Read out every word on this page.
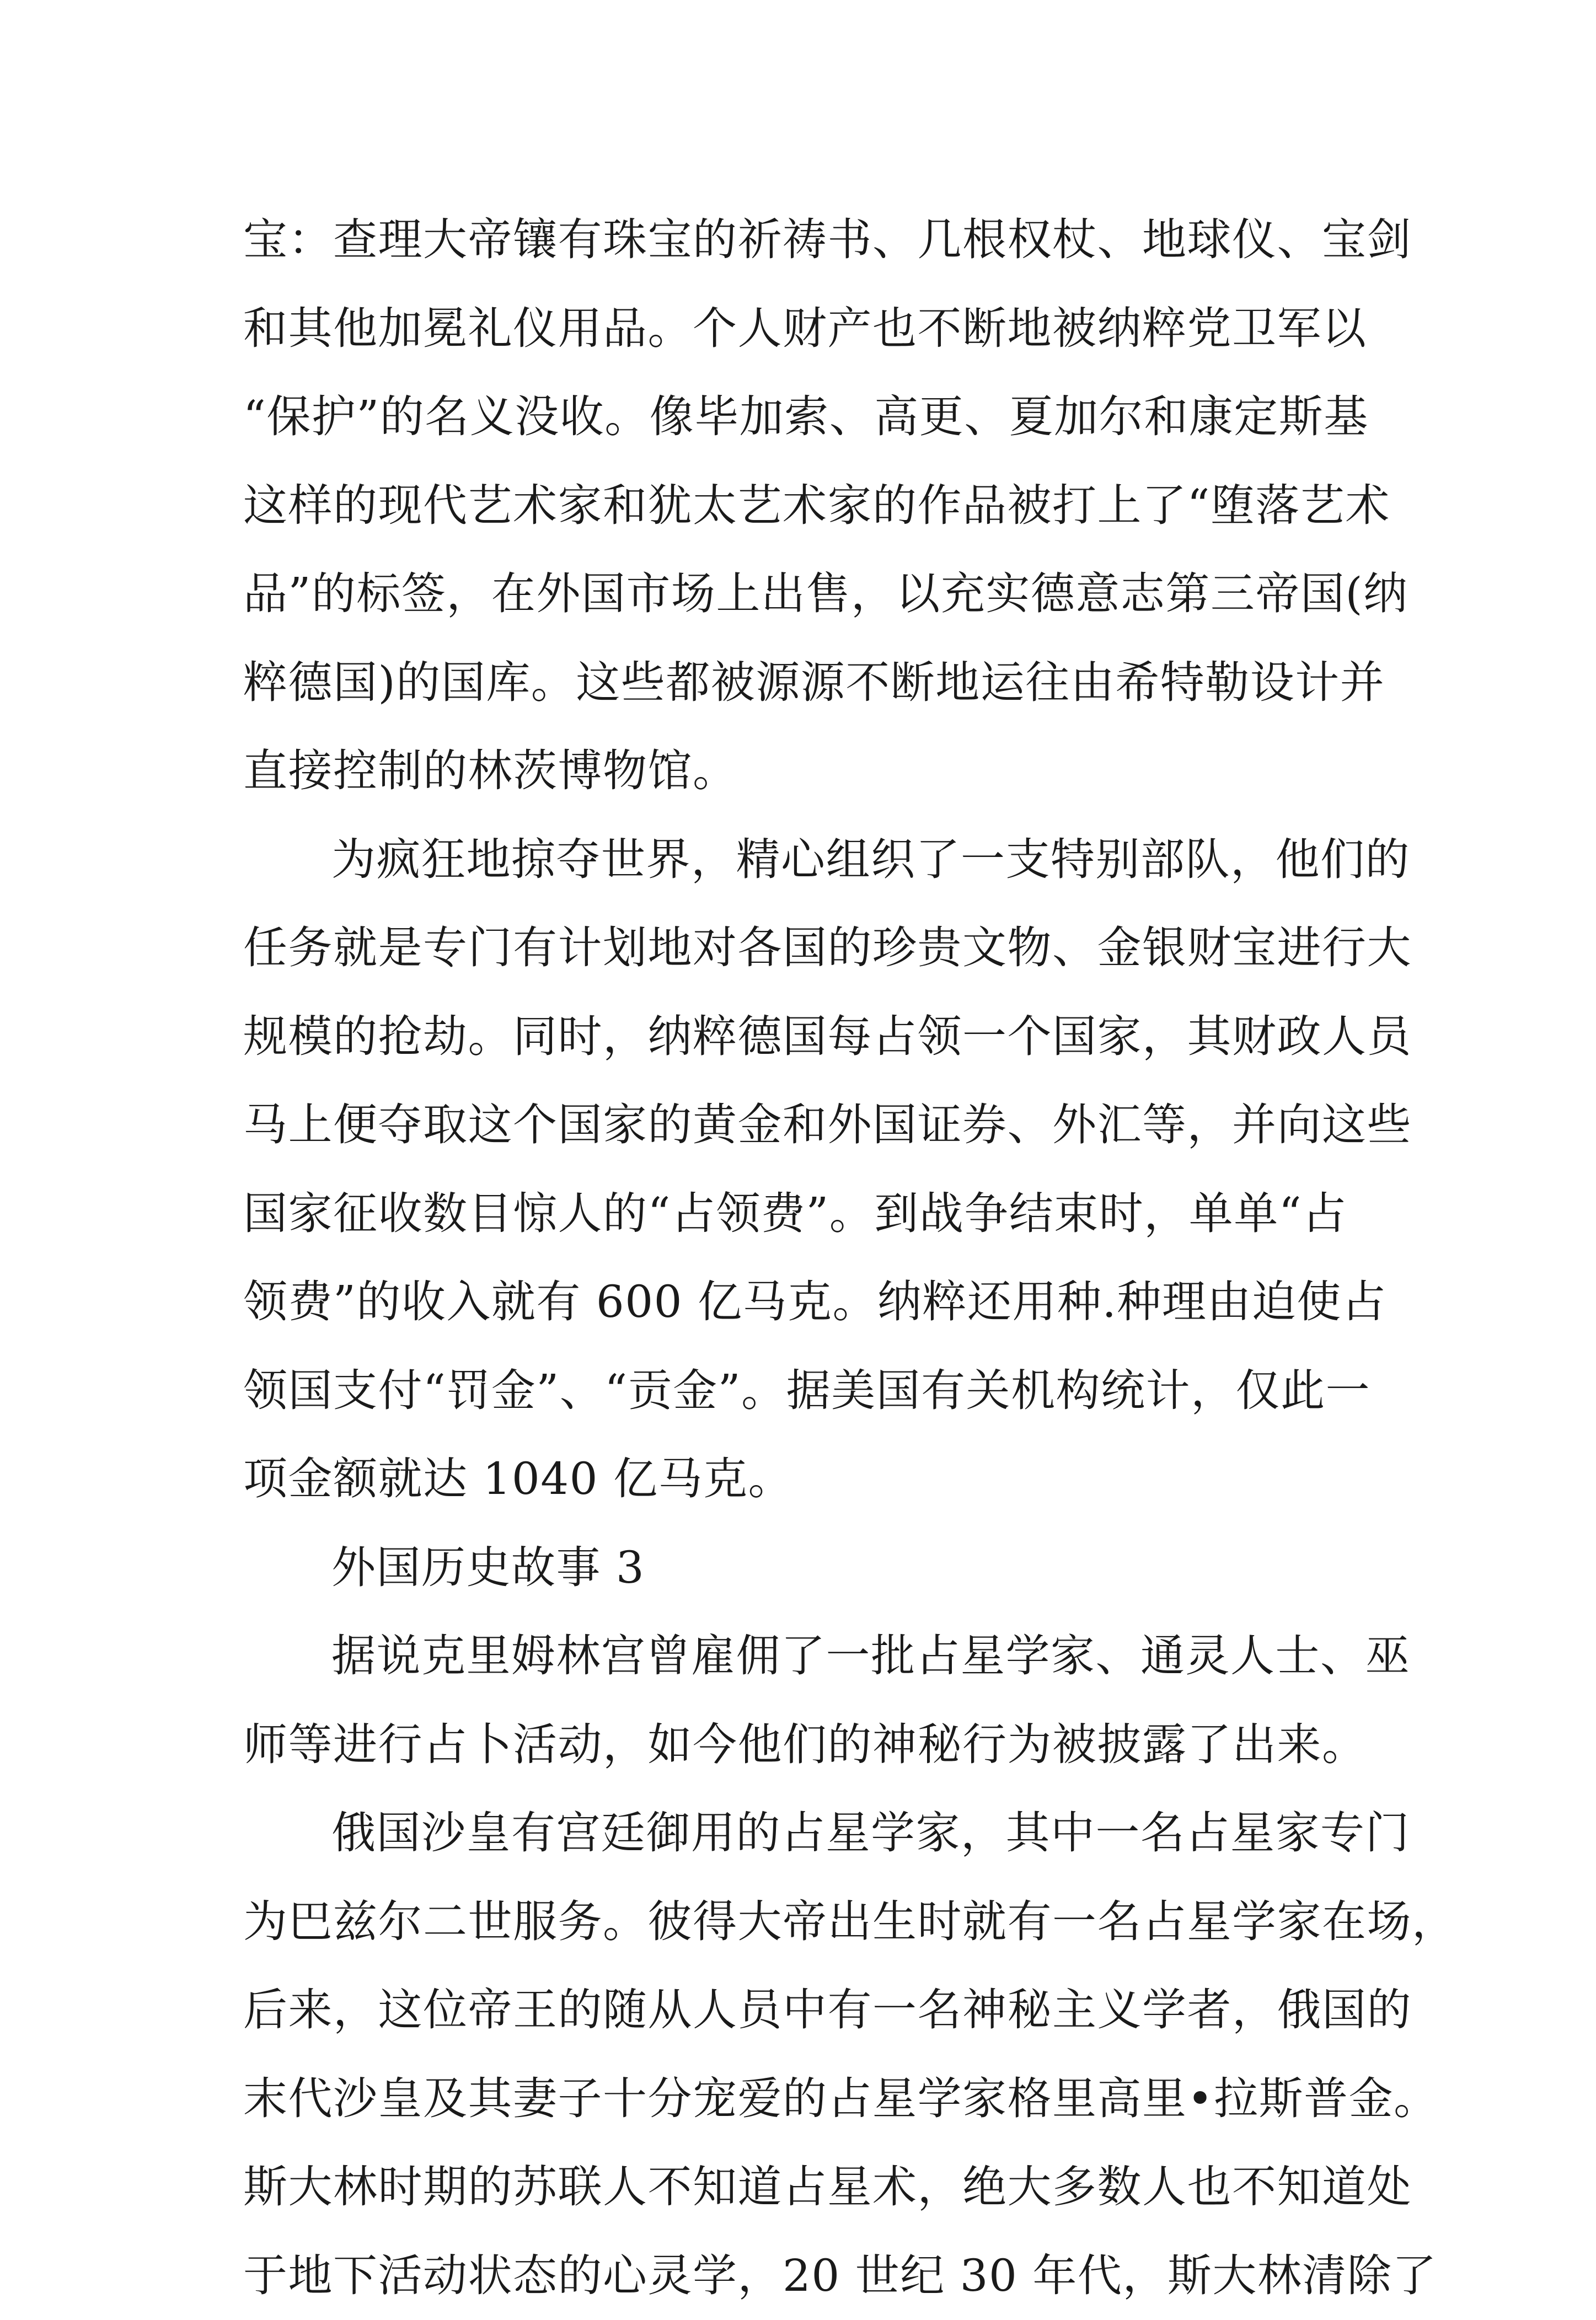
宝：查理大帝镶有珠宝的祈祷书、几根权杖、地球仪、宝剑
和其他加冕礼仪用品。个人财产也不断地被纳粹党卫军以
“保护”的名义没收。像毕加索、高更、夏加尔和康定斯基
这样的现代艺术家和犹太艺术家的作品被打上了“堕落艺术
品”的标签，在外国市场上出售，以充实德意志第三帝国(纳
粹德国)的国库。这些都被源源不断地运往由希特勒设计并
直接控制的林茨博物馆。
为疯狂地掠夺世界，精心组织了一支特别部队，他们的
任务就是专门有计划地对各国的珍贵文物、金银财宝进行大
规模的抢劫。同时，纳粹德国每占领一个国家，其财政人员
马上便夺取这个国家的黄金和外国证券、外汇等，并向这些
国家征收数目惊人的“占领费”。到战争结束时，单单“占
领费”的收入就有 600 亿马克。纳粹还用种.种理由迫使占
领国支付“罚金”、“贡金”。据美国有关机构统计，仅此一
项金额就达 1040 亿马克。
外国历史故事 3
据说克里姆林宫曾雇佣了一批占星学家、通灵人士、巫
师等进行占卜活动，如今他们的神秘行为被披露了出来。
俄国沙皇有宫廷御用的占星学家，其中一名占星家专门
为巴兹尔二世服务。彼得大帝出生时就有一名占星学家在场，
后来，这位帝王的随从人员中有一名神秘主义学者，俄国的
末代沙皇及其妻子十分宠爱的占星学家格里高里•拉斯普金。
斯大林时期的苏联人不知道占星术，绝大多数人也不知道处
于地下活动状态的心灵学，20 世纪 30 年代，斯大林清除了
